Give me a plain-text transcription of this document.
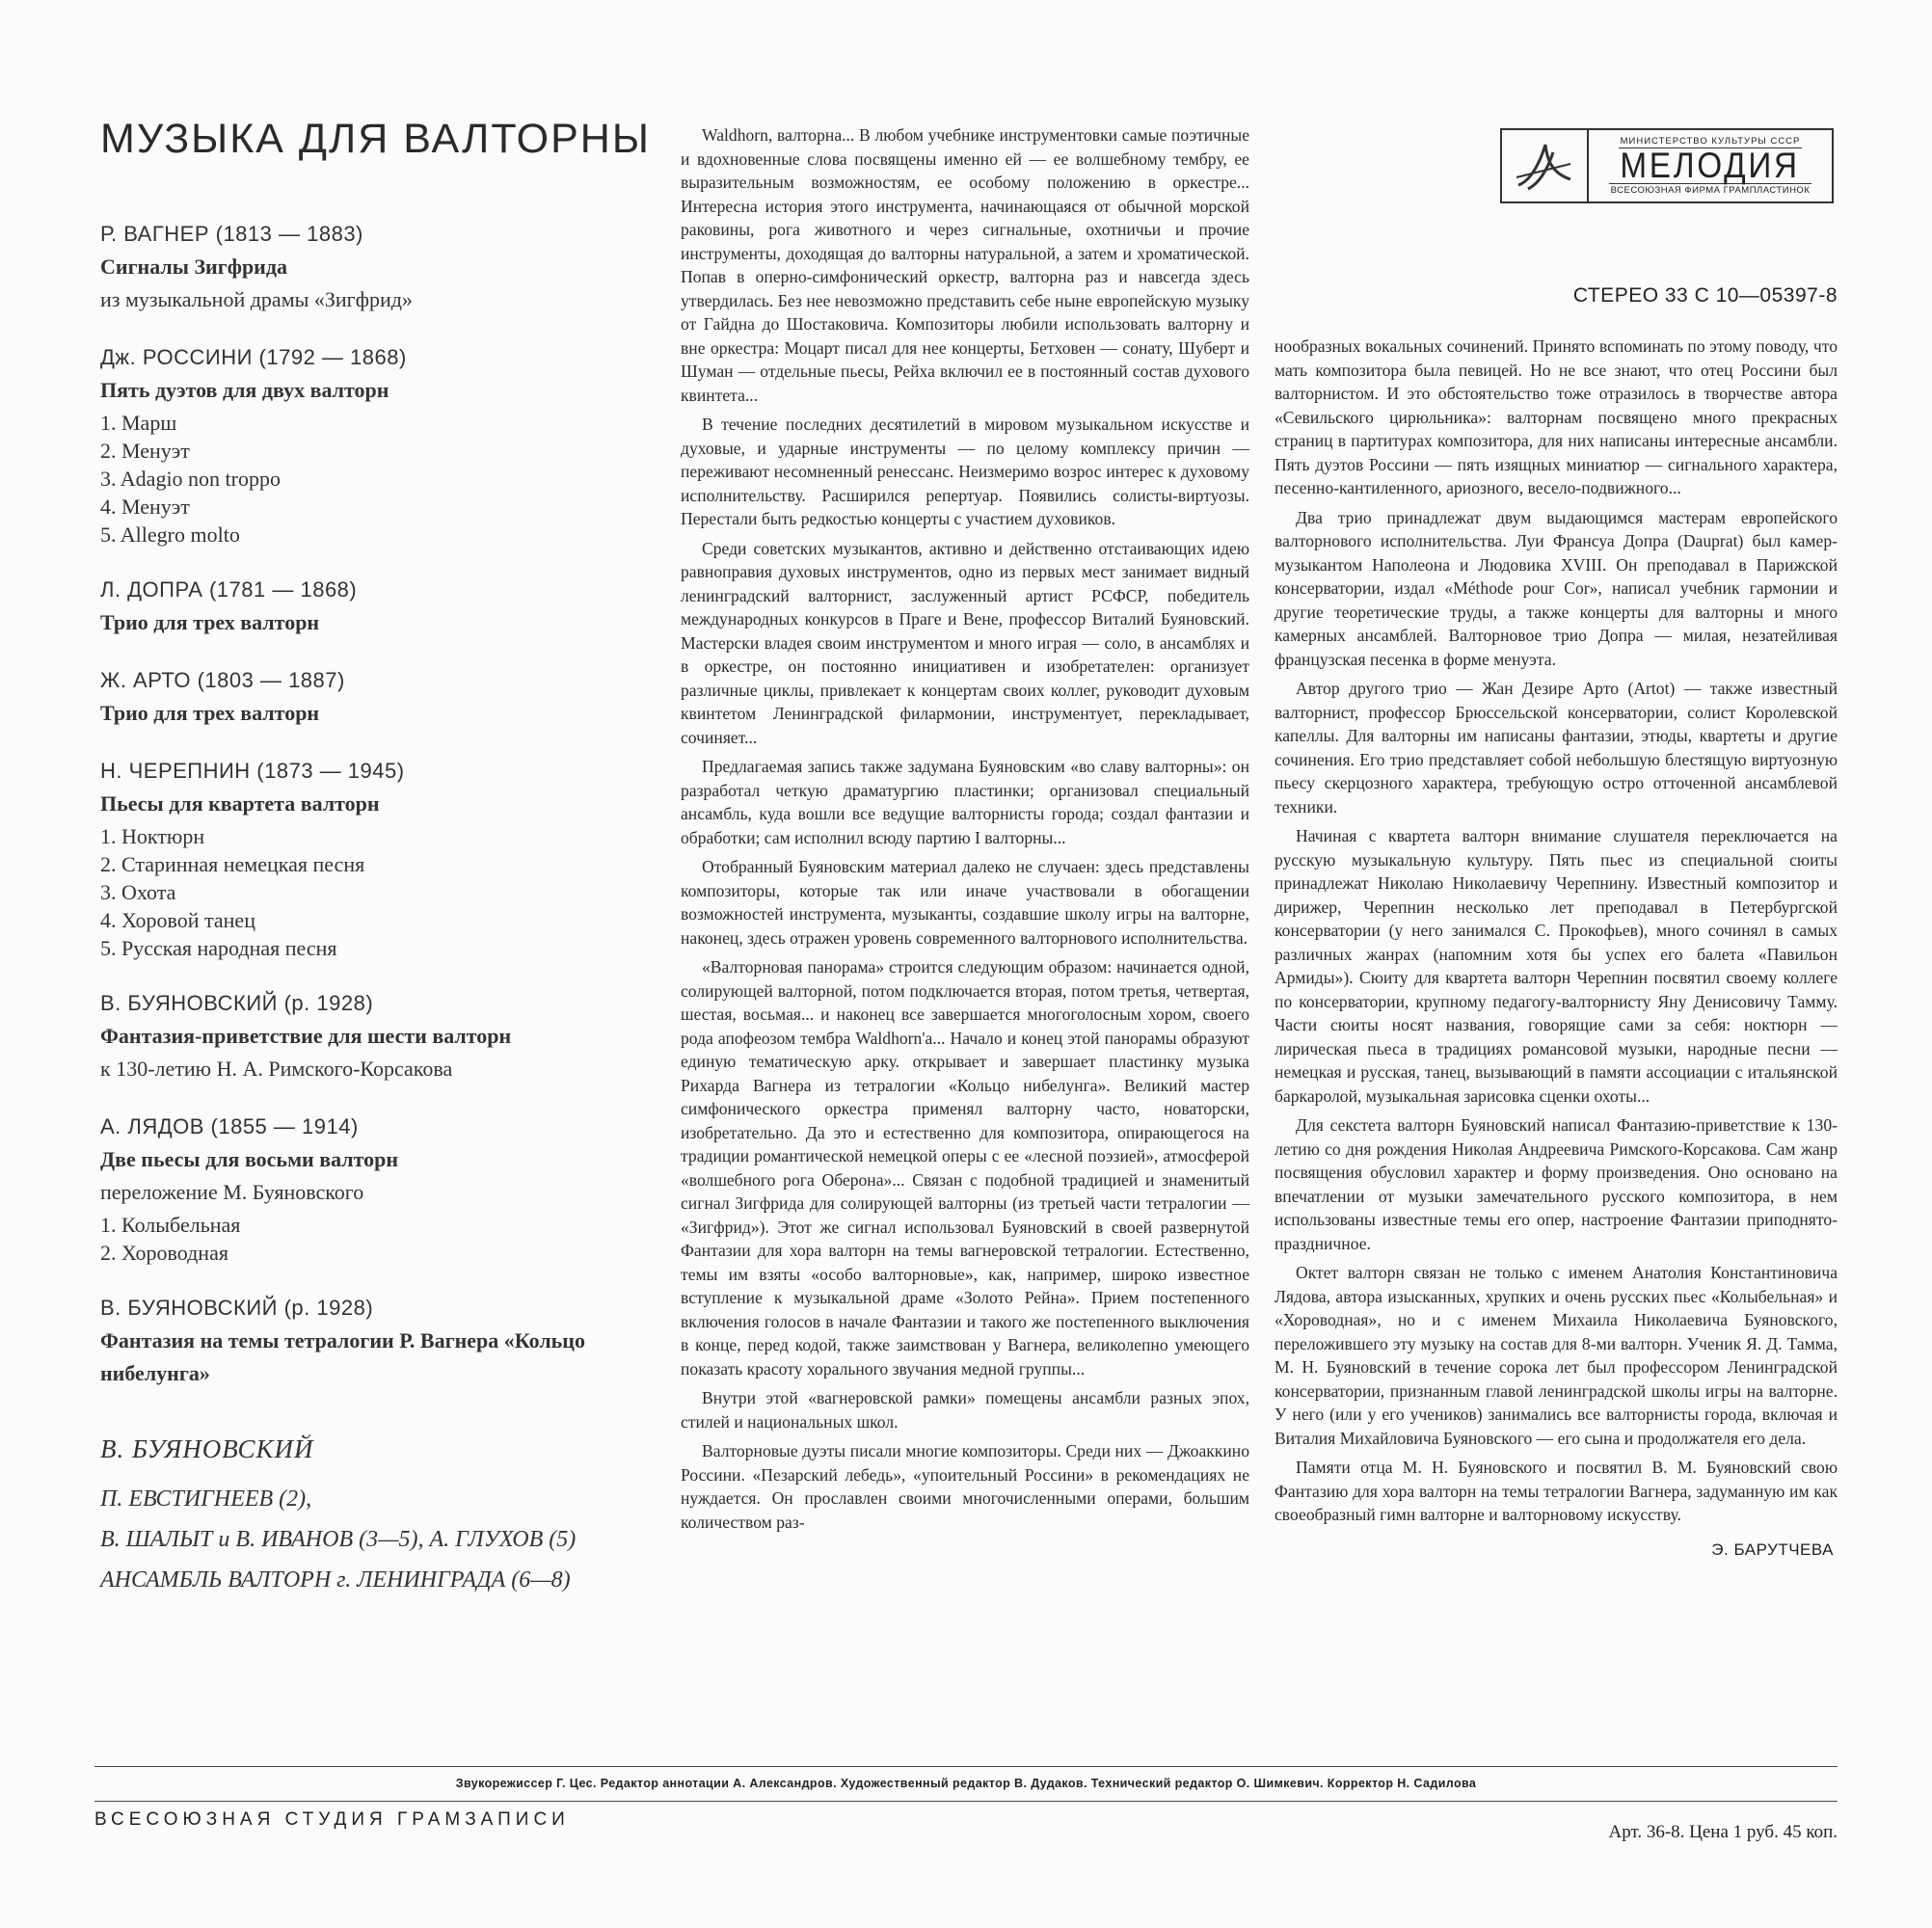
МУЗЫКА ДЛЯ ВАЛТОРНЫ	МИНИСТЕРСТВО КУЛЬТУРЫ СССР
МЕЛОДИЯ
ВСЕСОЮЗНАЯ ФИРМА ГРАМПЛАСТИНОК
СТЕРЕО 33 С 10—05397-8
Р. ВАГНЕР (1813 — 1883)
Сигналы Зигфрида
из музыкальной драмы «Зигфрид»
Дж. РОССИНИ (1792 — 1868)
Пять дуэтов для двух валторн
1. Марш
2. Менуэт
3. Adagio non troppo
4. Менуэт
5. Allegro molto
Л. ДОПРА (1781 — 1868)
Трио для трех валторн
Ж. АРТО (1803 — 1887)
Трио для трех валторн
Н. ЧЕРЕПНИН (1873 — 1945)
Пьесы для квартета валторн
1. Ноктюрн
2. Старинная немецкая песня
3. Охота
4. Хоровой танец
5. Русская народная песня
В. БУЯНОВСКИЙ (р. 1928)
Фантазия-приветствие для шести валторн
к 130-летию Н. А. Римского-Корсакова
А. ЛЯДОВ (1855 — 1914)
Две пьесы для восьми валторн
переложение М. Буяновского
1. Колыбельная
2. Хороводная
В. БУЯНОВСКИЙ (р. 1928)
Фантазия на темы тетралогии Р. Вагнера «Кольцо нибелунга»
В. БУЯНОВСКИЙ
П. ЕВСТИГНЕЕВ (2),
В. ШАЛЫТ и В. ИВАНОВ (3—5), А. ГЛУХОВ (5)
АНСАМБЛЬ ВАЛТОРН г. ЛЕНИНГРАДА (6—8)

Waldhorn, валторна... В любом учебнике инструментовки самые поэтичные и вдохновенные слова посвящены именно ей — ее волшебному тембру, ее выразительным возможностям, ее особому положению в оркестре... Интересна история этого инструмента, начинающаяся от обычной морской раковины, рога животного и через сигнальные, охотничьи и прочие инструменты, доходящая до валторны натуральной, а затем и хроматической. Попав в оперно-симфонический оркестр, валторна раз и навсегда здесь утвердилась. Без нее невозможно представить себе ныне европейскую музыку от Гайдна до Шостаковича. Композиторы любили использовать валторну и вне оркестра: Моцарт писал для нее концерты, Бетховен — сонату, Шуберт и Шуман — отдельные пьесы, Рейха включил ее в постоянный состав духового квинтета...

В течение последних десятилетий в мировом музыкальном искусстве и духовые, и ударные инструменты — по целому комплексу причин — переживают несомненный ренессанс. Неизмеримо возрос интерес к духовому исполнительству. Расширился репертуар. Появились солисты-виртуозы. Перестали быть редкостью концерты с участием духовиков.

Среди советских музыкантов, активно и действенно отстаивающих идею равноправия духовых инструментов, одно из первых мест занимает видный ленинградский валторнист, заслуженный артист РСФСР, победитель международных конкурсов в Праге и Вене, профессор Виталий Буяновский. Мастерски владея своим инструментом и много играя — соло, в ансамблях и в оркестре, он постоянно инициативен и изобретателен: организует различные циклы, привлекает к концертам своих коллег, руководит духовым квинтетом Ленинградской филармонии, инструментует, перекладывает, сочиняет...

Предлагаемая запись также задумана Буяновским «во славу валторны»: он разработал четкую драматургию пластинки; организовал специальный ансамбль, куда вошли все ведущие валторнисты города; создал фантазии и обработки; сам исполнил всюду партию I валторны...

Отобранный Буяновским материал далеко не случаен: здесь представлены композиторы, которые так или иначе участвовали в обогащении возможностей инструмента, музыканты, создавшие школу игры на валторне, наконец, здесь отражен уровень современного валторнового исполнительства.

«Валторновая панорама» строится следующим образом: начинается одной, солирующей валторной, потом подключается вторая, потом третья, четвертая, шестая, восьмая... и наконец все завершается многоголосным хором, своего рода апофеозом тембра Waldhorn'а... Начало и конец этой панорамы образуют единую тематическую арку. открывает и завершает пластинку музыка Рихарда Вагнера из тетралогии «Кольцо нибелунга». Великий мастер симфонического оркестра применял валторну часто, новаторски, изобретательно. Да это и естественно для композитора, опирающегося на традиции романтической немецкой оперы с ее «лесной поэзией», атмосферой «волшебного рога Оберона»... Связан с подобной традицией и знаменитый сигнал Зигфрида для солирующей валторны (из третьей части тетралогии — «Зигфрид»). Этот же сигнал использовал Буяновский в своей развернутой Фантазии для хора валторн на темы вагнеровской тетралогии. Естественно, темы им взяты «особо валторновые», как, например, широко известное вступление к музыкальной драме «Золото Рейна». Прием постепенного включения голосов в начале Фантазии и такого же постепенного выключения в конце, перед кодой, также заимствован у Вагнера, великолепно умеющего показать красоту хорального звучания медной группы...

Внутри этой «вагнеровской рамки» помещены ансамбли разных эпох, стилей и национальных школ.

Валторновые дуэты писали многие композиторы. Среди них — Джоаккино Россини. «Пезарский лебедь», «упоительный Россини» в рекомендациях не нуждается. Он прославлен своими многочисленными операми, большим количеством раз-

нообразных вокальных сочинений. Принято вспоминать по этому поводу, что мать композитора была певицей. Но не все знают, что отец Россини был валторнистом. И это обстоятельство тоже отразилось в творчестве автора «Севильского цирюльника»: валторнам посвящено много прекрасных страниц в партитурах композитора, для них написаны интересные ансамбли. Пять дуэтов Россини — пять изящных миниатюр — сигнального характера, песенно-кантиленного, ариозного, весело-подвижного...

Два трио принадлежат двум выдающимся мастерам европейского валторнового исполнительства. Луи Франсуа Допра (Dauprat) был камер-музыкантом Наполеона и Людовика XVIII. Он преподавал в Парижской консерватории, издал «Méthode pour Cor», написал учебник гармонии и другие теоретические труды, а также концерты для валторны и много камерных ансамблей. Валторновое трио Допра — милая, незатейливая французская песенка в форме менуэта.

Автор другого трио — Жан Дезире Арто (Artot) — также известный валторнист, профессор Брюссельской консерватории, солист Королевской капеллы. Для валторны им написаны фантазии, этюды, квартеты и другие сочинения. Его трио представляет собой небольшую блестящую виртуозную пьесу скерцозного характера, требующую остро отточенной ансамблевой техники.

Начиная с квартета валторн внимание слушателя переключается на русскую музыкальную культуру. Пять пьес из специальной сюиты принадлежат Николаю Николаевичу Черепнину. Известный композитор и дирижер, Черепнин несколько лет преподавал в Петербургской консерватории (у него занимался С. Прокофьев), много сочинял в самых различных жанрах (напомним хотя бы успех его балета «Павильон Армиды»). Сюиту для квартета валторн Черепнин посвятил своему коллеге по консерватории, крупному педагогу-валторнисту Яну Денисовичу Тамму. Части сюиты носят названия, говорящие сами за себя: ноктюрн — лирическая пьеса в традициях романсовой музыки, народные песни — немецкая и русская, танец, вызывающий в памяти ассоциации с итальянской баркаролой, музыкальная зарисовка сценки охоты...

Для секстета валторн Буяновский написал Фантазию-приветствие к 130-летию со дня рождения Николая Андреевича Римского-Корсакова. Сам жанр посвящения обусловил характер и форму произведения. Оно основано на впечатлении от музыки замечательного русского композитора, в нем использованы известные темы его опер, настроение Фантазии приподнято-праздничное.

Октет валторн связан не только с именем Анатолия Константиновича Лядова, автора изысканных, хрупких и очень русских пьес «Колыбельная» и «Хороводная», но и с именем Михаила Николаевича Буяновского, переложившего эту музыку на состав для 8-ми валторн. Ученик Я. Д. Тамма, М. Н. Буяновский в течение сорока лет был профессором Ленинградской консерватории, признанным главой ленинградской школы игры на валторне. У него (или у его учеников) занимались все валторнисты города, включая и Виталия Михайловича Буяновского — его сына и продолжателя его дела.

Памяти отца М. Н. Буяновского и посвятил В. М. Буяновский свою Фантазию для хора валторн на темы тетралогии Вагнера, задуманную им как своеобразный гимн валторне и валторновому искусству.

Э. БАРУТЧЕВА
Звукорежиссер Г. Цес. Редактор аннотации А. Александров. Художественный редактор В. Дудаков. Технический редактор О. Шимкевич. Корректор Н. Садилова
ВСЕСОЮЗНАЯ СТУДИЯ ГРАМЗАПИСИ
Арт. 36-8. Цена 1 руб. 45 коп.
